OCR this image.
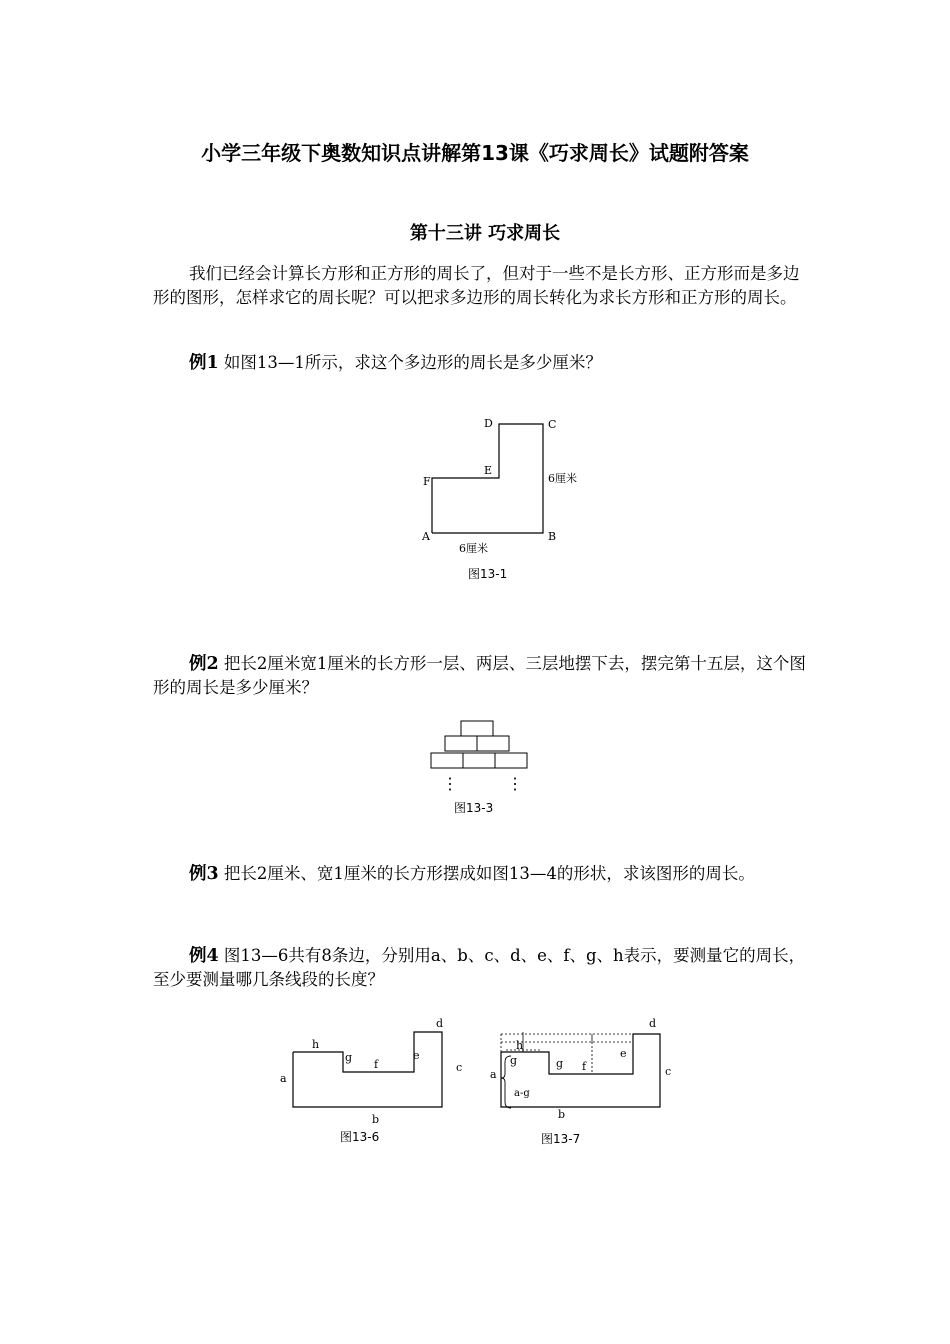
小学三年级下奥数知识点讲解第13课《巧求周长》试题附答案
第十三讲 巧求周长
我们已经会计算长方形和正方形的周长了，但对于一些不是长方形、正方形而是多边形的图形，怎样求它的周长呢？可以把求多边形的周长转化为求长方形和正方形的周长。
例1 如图13—1所示，求这个多边形的周长是多少厘米？
D	C
E
F	6厘米
A	B
6厘米
图13-1
例2 把长2厘米宽1厘米的长方形一层、两层、三层地摆下去，摆完第十五层，这个图形的周长是多少厘米？
⋮	⋮
图13-3
例3 把长2厘米、宽1厘米的长方形摆成如图13—4的形状，求该图形的周长。
例4 图13—6共有8条边，分别用a、b、c、d、e、f、g、h表示，要测量它的周长，至少要测量哪几条线段的长度？
a
b
c
d
e
f
g
h
图13-6
a
a-g
g
h
g f
e
d
c
b
图13-7
